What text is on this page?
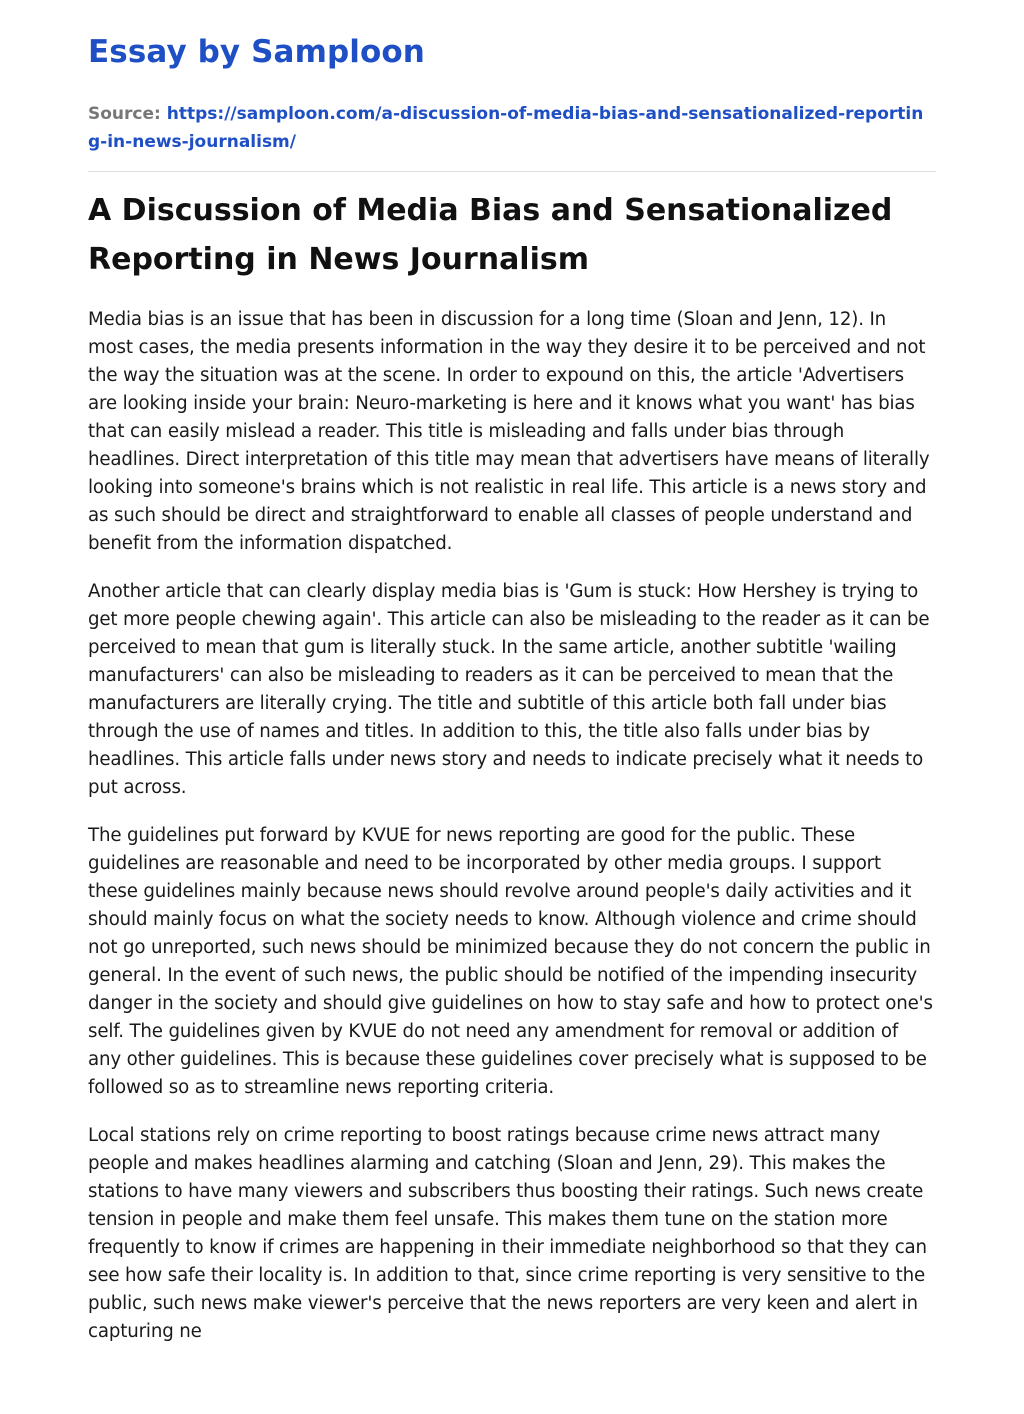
Essay by Samploon
Source: https://samploon.com/a-discussion-of-media-bias-and-sensationalized-reporting-in-news-journalism/
A Discussion of Media Bias and Sensationalized Reporting in News Journalism

Media bias is an issue that has been in discussion for a long time (Sloan and Jenn, 12). In most cases, the media presents information in the way they desire it to be perceived and not the way the situation was at the scene. In order to expound on this, the article 'Advertisers are looking inside your brain: Neuro-marketing is here and it knows what you want' has bias that can easily mislead a reader. This title is misleading and falls under bias through headlines. Direct interpretation of this title may mean that advertisers have means of literally looking into someone's brains which is not realistic in real life. This article is a news story and as such should be direct and straightforward to enable all classes of people understand and benefit from the information dispatched.

Another article that can clearly display media bias is 'Gum is stuck: How Hershey is trying to get more people chewing again'. This article can also be misleading to the reader as it can be perceived to mean that gum is literally stuck. In the same article, another subtitle 'wailing manufacturers' can also be misleading to readers as it can be perceived to mean that the manufacturers are literally crying. The title and subtitle of this article both fall under bias through the use of names and titles. In addition to this, the title also falls under bias by headlines. This article falls under news story and needs to indicate precisely what it needs to put across.

The guidelines put forward by KVUE for news reporting are good for the public. These guidelines are reasonable and need to be incorporated by other media groups. I support these guidelines mainly because news should revolve around people's daily activities and it should mainly focus on what the society needs to know. Although violence and crime should not go unreported, such news should be minimized because they do not concern the public in general. In the event of such news, the public should be notified of the impending insecurity danger in the society and should give guidelines on how to stay safe and how to protect one's self. The guidelines given by KVUE do not need any amendment for removal or addition of any other guidelines. This is because these guidelines cover precisely what is supposed to be followed so as to streamline news reporting criteria.

Local stations rely on crime reporting to boost ratings because crime news attract many people and makes headlines alarming and catching (Sloan and Jenn, 29). This makes the stations to have many viewers and subscribers thus boosting their ratings. Such news create tension in people and make them feel unsafe. This makes them tune on the station more frequently to know if crimes are happening in their immediate neighborhood so that they can see how safe their locality is. In addition to that, since crime reporting is very sensitive to the public, such news make viewer's perceive that the news reporters are very keen and alert in capturing ne
